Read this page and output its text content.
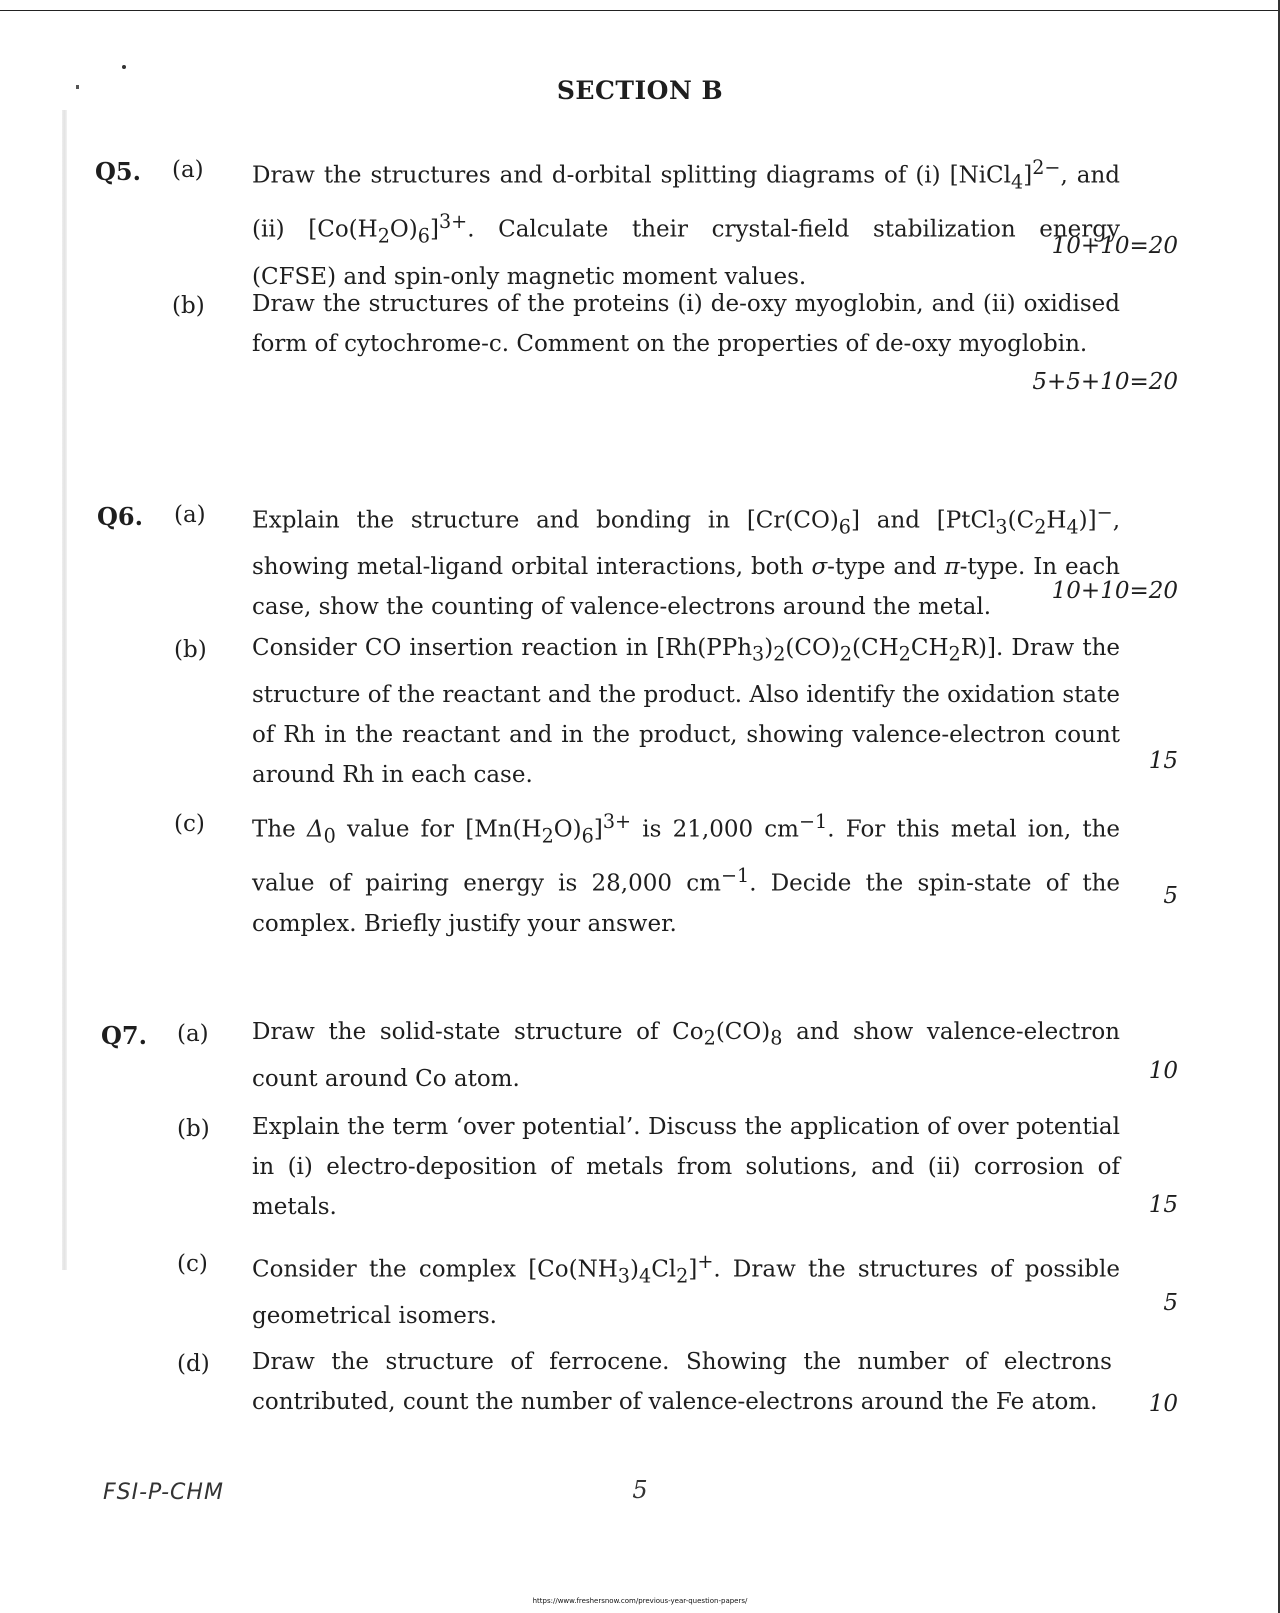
SECTION B
Q5. (a) Draw the structures and d-orbital splitting diagrams of (i) [NiCl$_4$]$^{2-}$, and (ii)  $[Co(H_2O)_6]^{3+}$.  Calculate  their  crystal-field  stabilization  energy (CFSE) and spin-only magnetic moment values.
10+10=20
(b) Draw the structures of the proteins (i) de-oxy myoglobin, and (ii) oxidised form of cytochrome-c. Comment on the properties of de-oxy myoglobin.
5+5+10=20
Q6. (a) Explain the structure and bonding in $[Cr(CO)_6]$ and $[PtCl_3(C_2H_4)]^-$, showing metal-ligand orbital interactions, both σ-type and π-type. In each case, show the counting of valence-electrons around the metal.
10+10=20
(b) Consider CO insertion reaction in $[Rh(PPh_3)_2(CO)_2(CH_2CH_2R)]$. Draw the structure of the reactant and the product. Also identify the oxidation state of Rh in the reactant and in the product, showing valence-electron count around Rh in each case.
15
(c) The $\Delta_0$ value for $[Mn(H_2O)_6]^{3+}$ is 21,000 $cm^{-1}$. For this metal ion, the value of pairing energy is 28,000 $cm^{-1}$. Decide the spin-state of the complex. Briefly justify your answer.
5
Q7. (a) Draw the solid-state structure of $Co_2(CO)_8$ and show valence-electron count around Co atom.	10
(b) Explain the term ‘over potential’. Discuss the application of over potential in (i) electro-deposition of metals from solutions, and (ii) corrosion of metals.	15
(c) Consider the complex $[Co(NH_3)_4Cl_2]^+$. Draw the structures of possible geometrical isomers.
5
(d) Draw the structure of ferrocene. Showing the number of electrons contributed, count the number of valence-electrons around the Fe atom.	10
FSI-P-CHM	5
https://www.freshersnow.com/previous-year-question-papers/
